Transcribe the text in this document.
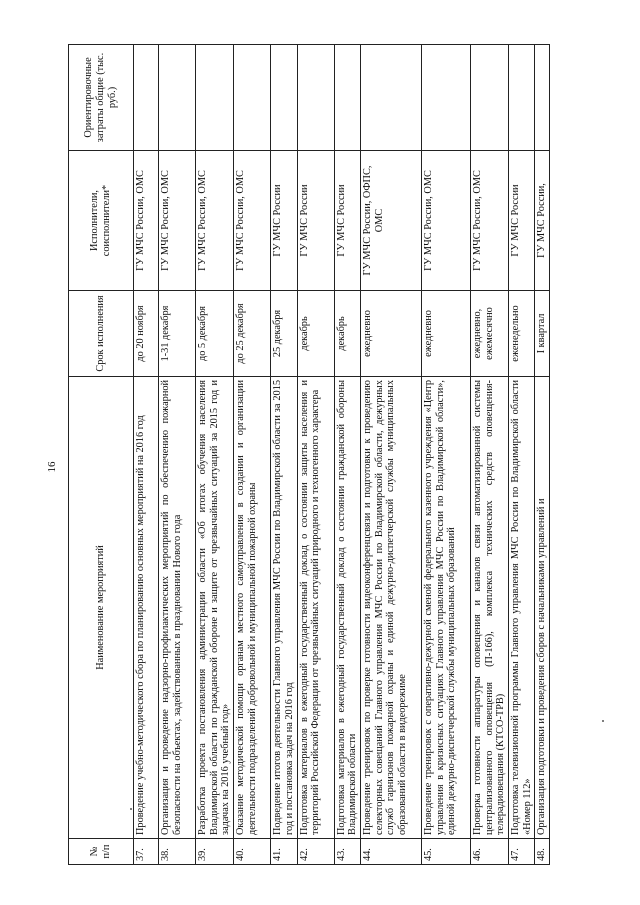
16
№ п/п	Наименование мероприятий	Срок исполнения	Исполнители, соисполнители*	Ориентировочные затраты общие (тыс. руб.)
37.	Проведение учебно-методического сбора по планированию основных мероприятий на 2016 год	до 20 ноября	ГУ МЧС России, ОМС	
38.	Организация и проведение надзорно-профилактических мероприятий по обеспечению пожарной безопасности на объектах, задействованных в праздновании Нового года	1-31 декабря	ГУ МЧС России, ОМС	
39.	Разработка проекта постановления администрации области «Об итогах обучения населения Владимирской области по гражданской обороне и защите от чрезвычайных ситуаций за 2015 год и задачах на 2016 учебный год»	до 5 декабря	ГУ МЧС России, ОМС	
40.	Оказание методической помощи органам местного самоуправления в создании и организации деятельности подразделений добровольной и муниципальной пожарной охраны	до 25 декабря	ГУ МЧС России, ОМС	
41.	Подведение итогов деятельности Главного управления МЧС России по Владимирской области за 2015 год и постановка задач на 2016 год	25 декабря	ГУ МЧС России	
42.	Подготовка материалов в ежегодный государственный доклад о состоянии защиты населения и территорий Российской Федерации от чрезвычайных ситуаций природного и техногенного характера	декабрь	ГУ МЧС России	
43.	Подготовка материалов в ежегодный государственный доклад о состоянии гражданской обороны Владимирской области	декабрь	ГУ МЧС России	
44.	Проведение тренировок по проверке готовности видеоконференцсвязи и подготовки к проведению селекторных совещаний Главного управления МЧС России по Владимирской области, дежурных служб гарнизонов пожарной охраны и единой дежурно-диспетчерской службы муниципальных образований области в видеорежиме	ежедневно	ГУ МЧС России, ОФПС, ОМС	
45.	Проведение тренировок с оперативно-дежурной сменой федерального казенного учреждения «Центр управления в кризисных ситуациях Главного управления МЧС России по Владимирской области», единой дежурно-диспетчерской службы муниципальных образований	ежедневно	ГУ МЧС России, ОМС	
46.	Проверка готовности аппаратуры оповещения и каналов связи автоматизированной системы централизованного оповещения (П-166), комплекса технических средств оповещения-телерадиовещания (КТСО-ТРВ)	ежедневно, ежемесячно	ГУ МЧС России, ОМС	
47.	Подготовка телевизионной программы Главного управления МЧС России по Владимирской области «Номер 112»	еженедельно	ГУ МЧС России	
48.	Организация подготовки и проведения сборов с начальниками управлений и	I квартал	ГУ МЧС России,	
